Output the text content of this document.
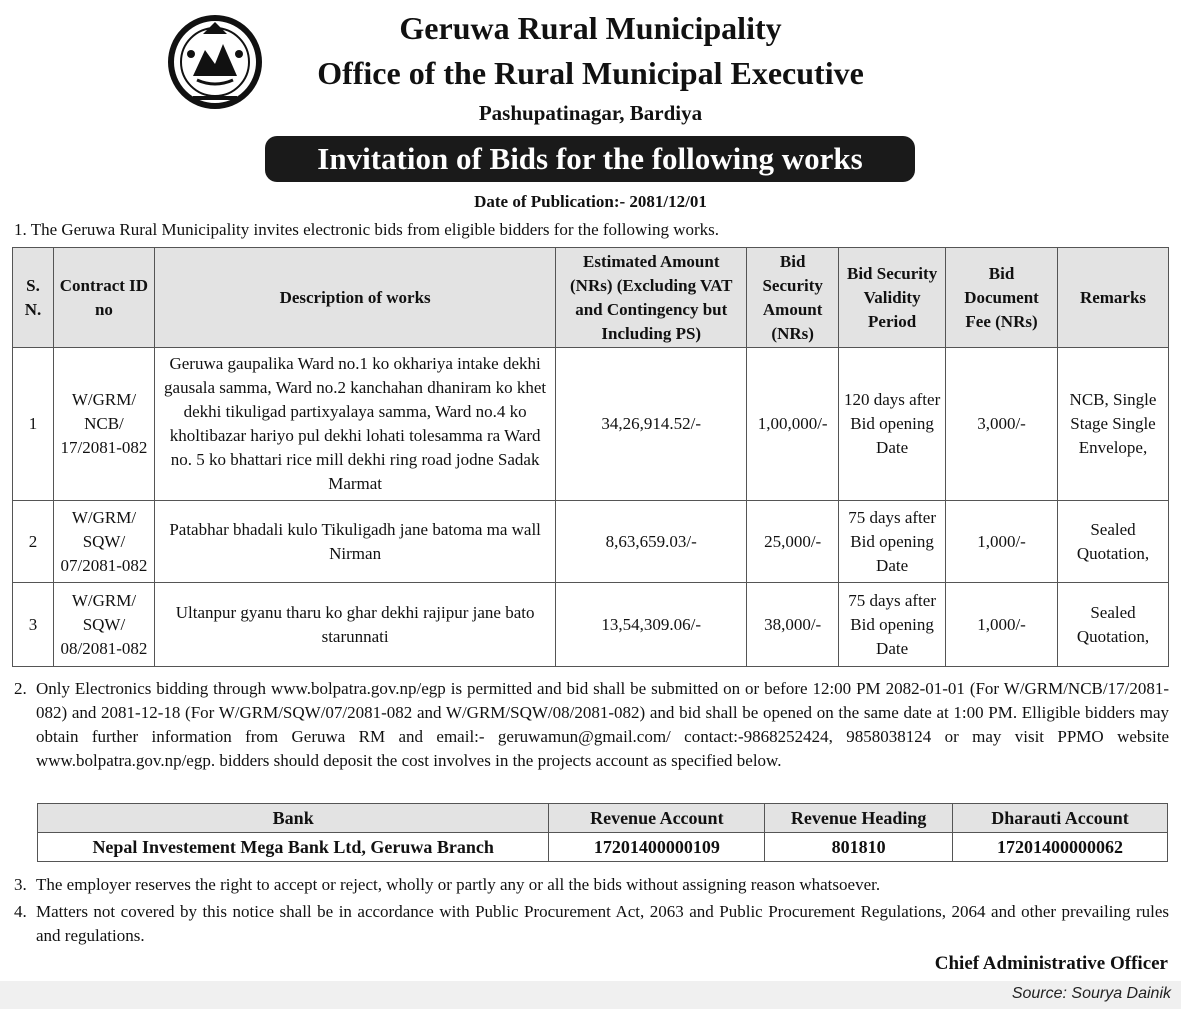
Geruwa Rural Municipality
Office of the Rural Municipal Executive
Pashupatinagar, Bardiya
Invitation of Bids for the following works
Date of Publication:- 2081/12/01
1. The Geruwa Rural Municipality invites electronic bids from eligible bidders for the following works.
S. N.	Contract ID no	Description of works	Estimated Amount (NRs) (Excluding VAT and Contingency but Including PS)	Bid Security Amount (NRs)	Bid Security Validity Period	Bid Document Fee (NRs)	Remarks
1	W/GRM/ NCB/ 17/2081-082	Geruwa gaupalika Ward no.1 ko okhariya intake dekhi gausala samma, Ward no.2 kanchahan dhaniram ko khet dekhi tikuligad partixyalaya samma, Ward no.4 ko kholtibazar hariyo pul dekhi lohati tolesamma ra Ward no. 5 ko bhattari rice mill dekhi ring road jodne Sadak Marmat	34,26,914.52/-	1,00,000/-	120 days after Bid opening Date	3,000/-	NCB, Single Stage Single Envelope,
2	W/GRM/ SQW/ 07/2081-082	Patabhar bhadali kulo Tikuligadh jane batoma ma wall Nirman	8,63,659.03/-	25,000/-	75 days after Bid opening Date	1,000/-	Sealed Quotation,
3	W/GRM/ SQW/ 08/2081-082	Ultanpur gyanu tharu ko ghar dekhi rajipur jane bato starunnati	13,54,309.06/-	38,000/-	75 days after Bid opening Date	1,000/-	Sealed Quotation,
2. Only Electronics bidding through www.bolpatra.gov.np/egp is permitted and bid shall be submitted on or before 12:00 PM 2082-01-01 (For W/GRM/NCB/17/2081-082) and 2081-12-18 (For W/GRM/SQW/07/2081-082 and W/GRM/SQW/08/2081-082) and bid shall be opened on the same date at 1:00 PM. Elligible bidders may obtain further information from Geruwa RM and email:- geruwamun@gmail.com/ contact:-9868252424, 9858038124 or may visit PPMO website www.bolpatra.gov.np/egp. bidders should deposit the cost involves in the projects account as specified below.
Bank	Revenue Account	Revenue Heading	Dharauti Account
Nepal Investement Mega Bank Ltd, Geruwa Branch	17201400000109	801810	17201400000062
3. The employer reserves the right to accept or reject, wholly or partly any or all the bids without assigning reason whatsoever.
4. Matters not covered by this notice shall be in accordance with Public Procurement Act, 2063 and Public Procurement Regulations, 2064 and other prevailing rules and regulations.
Chief Administrative Officer
Source: Sourya Dainik
